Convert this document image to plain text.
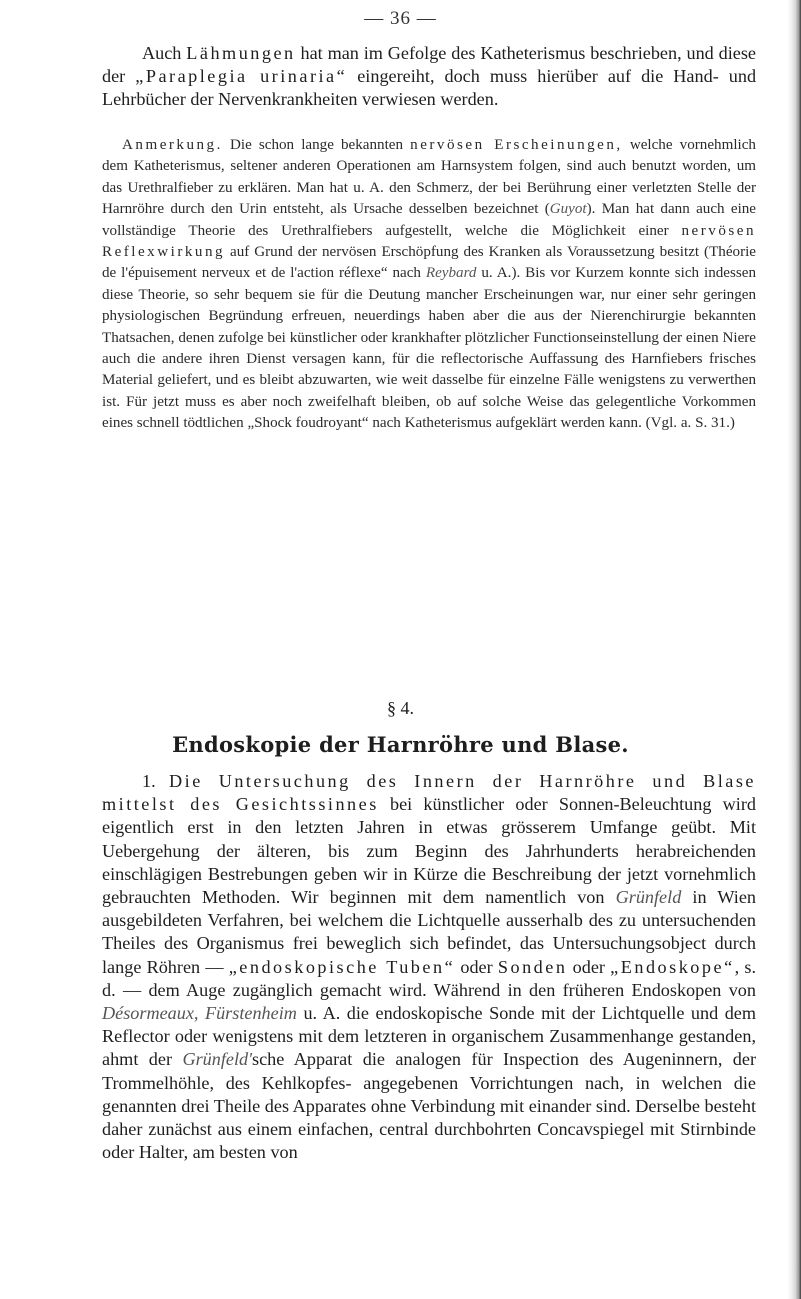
— 36 —

Auch Lähmungen hat man im Gefolge des Katheterismus beschrieben, und diese der „Paraplegia urinaria“ eingereiht, doch muss hierüber auf die Hand- und Lehrbücher der Nervenkrankheiten verwiesen werden.

Anmerkung. Die schon lange bekannten nervösen Erscheinungen, welche vornehmlich dem Katheterismus, seltener anderen Operationen am Harnsystem folgen, sind auch benutzt worden, um das Urethralfieber zu erklären. Man hat u. A. den Schmerz, der bei Berührung einer verletzten Stelle der Harnröhre durch den Urin entsteht, als Ursache desselben bezeichnet (Guyot). Man hat dann auch eine vollständige Theorie des Urethralfiebers aufgestellt, welche die Möglichkeit einer nervösen Reflexwirkung auf Grund der nervösen Erschöpfung des Kranken als Voraussetzung besitzt (Théorie de l'épuisement nerveux et de l'action réflexe“ nach Reybard u. A.). Bis vor Kurzem konnte sich indessen diese Theorie, so sehr bequem sie für die Deutung mancher Erscheinungen war, nur einer sehr geringen physiologischen Begründung erfreuen, neuerdings haben aber die aus der Nierenchirurgie bekannten Thatsachen, denen zufolge bei künstlicher oder krankhafter plötzlicher Functionseinstellung der einen Niere auch die andere ihren Dienst versagen kann, für die reflectorische Auffassung des Harnfiebers frisches Material geliefert, und es bleibt abzuwarten, wie weit dasselbe für einzelne Fälle wenigstens zu verwerthen ist. Für jetzt muss es aber noch zweifelhaft bleiben, ob auf solche Weise das gelegentliche Vorkommen eines schnell tödtlichen „Shock foudroyant“ nach Katheterismus aufgeklärt werden kann. (Vgl. a. S. 31.)

§ 4.
Endoskopie der Harnröhre und Blase.

1. Die Untersuchung des Innern der Harnröhre und Blase mittelst des Gesichtssinnes bei künstlicher oder Sonnen-Beleuchtung wird eigentlich erst in den letzten Jahren in etwas grösserem Umfange geübt. Mit Uebergehung der älteren, bis zum Beginn des Jahrhunderts herabreichenden einschlägigen Bestrebungen geben wir in Kürze die Beschreibung der jetzt vornehmlich gebrauchten Methoden. Wir beginnen mit dem namentlich von Grünfeld in Wien ausgebildeten Verfahren, bei welchem die Lichtquelle ausserhalb des zu untersuchenden Theiles des Organismus frei beweglich sich befindet, das Untersuchungsobject durch lange Röhren — „endoskopische Tuben“ oder Sonden oder „Endoskope“, s. d. — dem Auge zugänglich gemacht wird. Während in den früheren Endoskopen von Désormeaux, Fürstenheim u. A. die endoskopische Sonde mit der Lichtquelle und dem Reflector oder wenigstens mit dem letzteren in organischem Zusammenhange gestanden, ahmt der Grünfeld'sche Apparat die analogen für Inspection des Augeninnern, der Trommelhöhle, des Kehlkopfes- angegebenen Vorrichtungen nach, in welchen die genannten drei Theile des Apparates ohne Verbindung mit einander sind. Derselbe besteht daher zunächst aus einem einfachen, central durchbohrten Concavspiegel mit Stirnbinde oder Halter, am besten von
